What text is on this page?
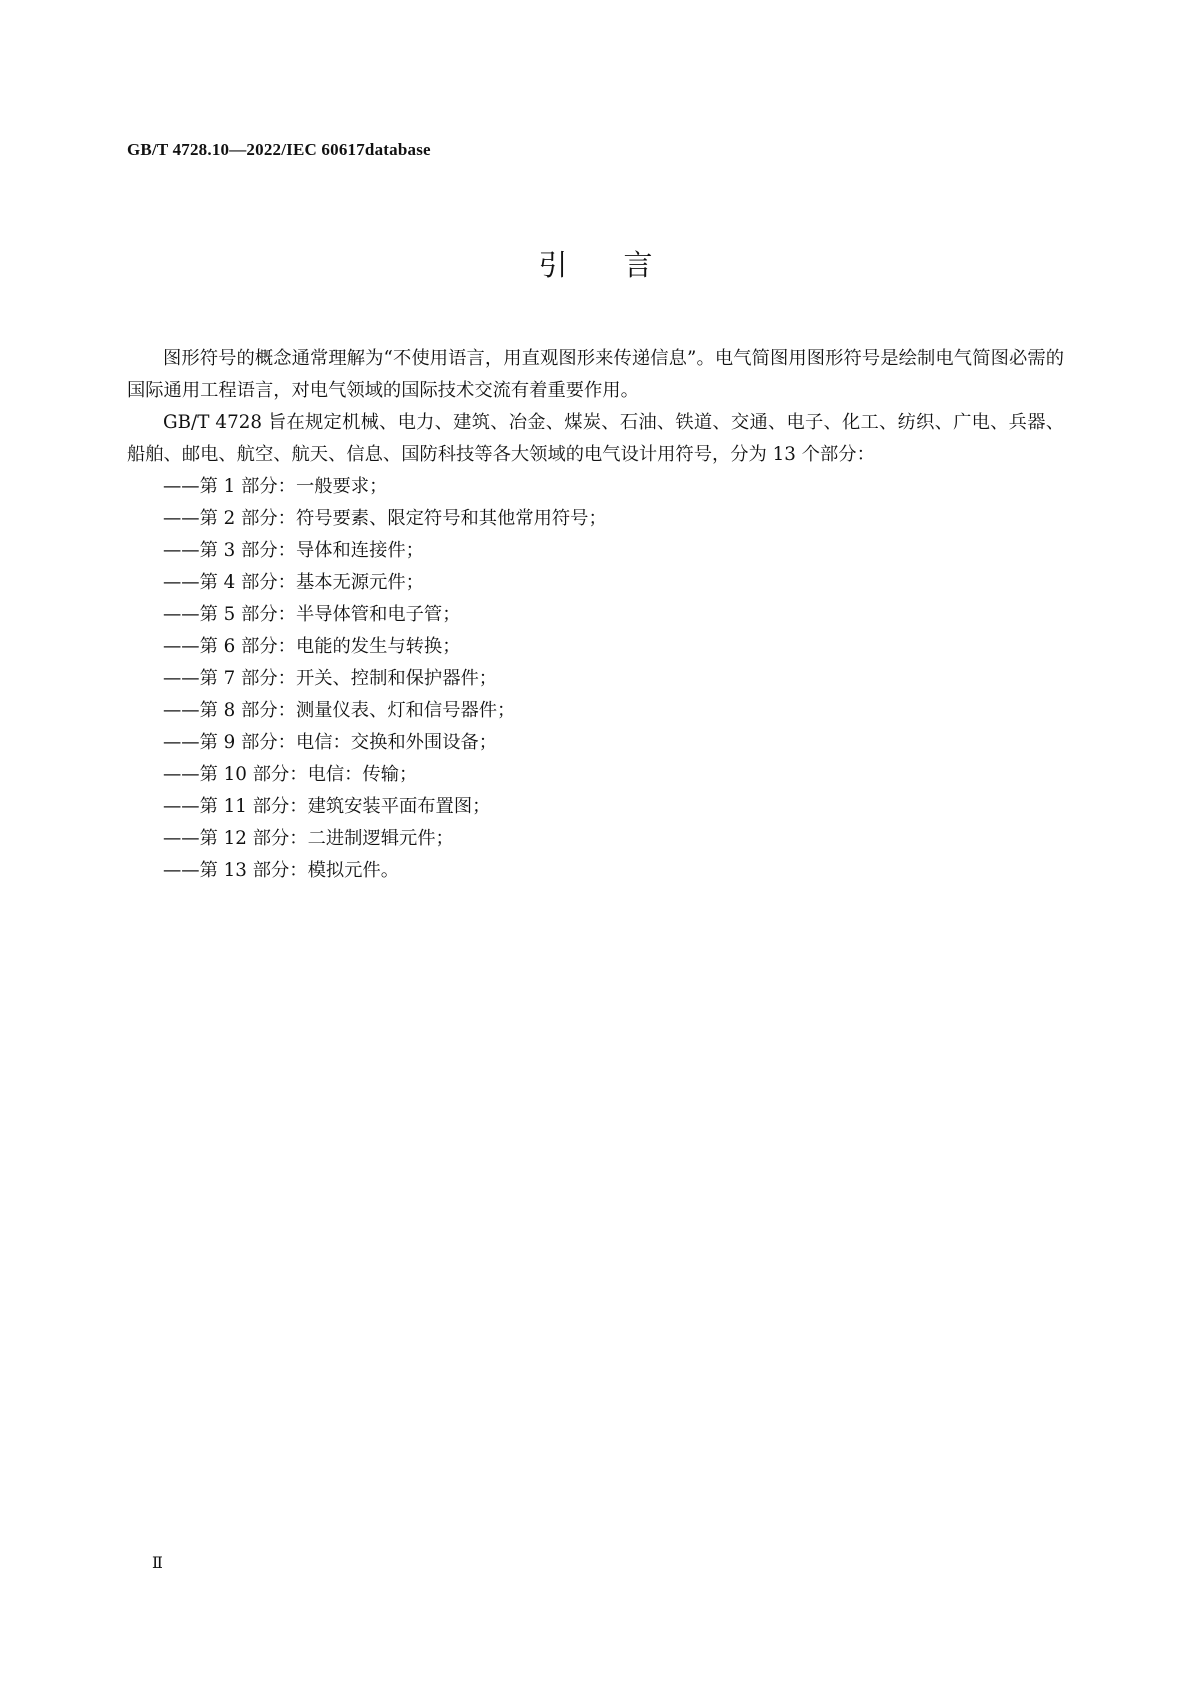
GB/T 4728.10—2022/IEC 60617database
引言

图形符号的概念通常理解为“不使用语言，用直观图形来传递信息”。电气简图用图形符号是绘制电气简图必需的国际通用工程语言，对电气领域的国际技术交流有着重要作用。

GB/T 4728 旨在规定机械、电力、建筑、冶金、煤炭、石油、铁道、交通、电子、化工、纺织、广电、兵器、船舶、邮电、航空、航天、信息、国防科技等各大领域的电气设计用符号，分为 13 个部分：

——第 1 部分：一般要求；
——第 2 部分：符号要素、限定符号和其他常用符号；
——第 3 部分：导体和连接件；
——第 4 部分：基本无源元件；
——第 5 部分：半导体管和电子管；
——第 6 部分：电能的发生与转换；
——第 7 部分：开关、控制和保护器件；
——第 8 部分：测量仪表、灯和信号器件；
——第 9 部分：电信：交换和外围设备；
——第 10 部分：电信：传输；
——第 11 部分：建筑安装平面布置图；
——第 12 部分：二进制逻辑元件；
——第 13 部分：模拟元件。
Ⅱ
